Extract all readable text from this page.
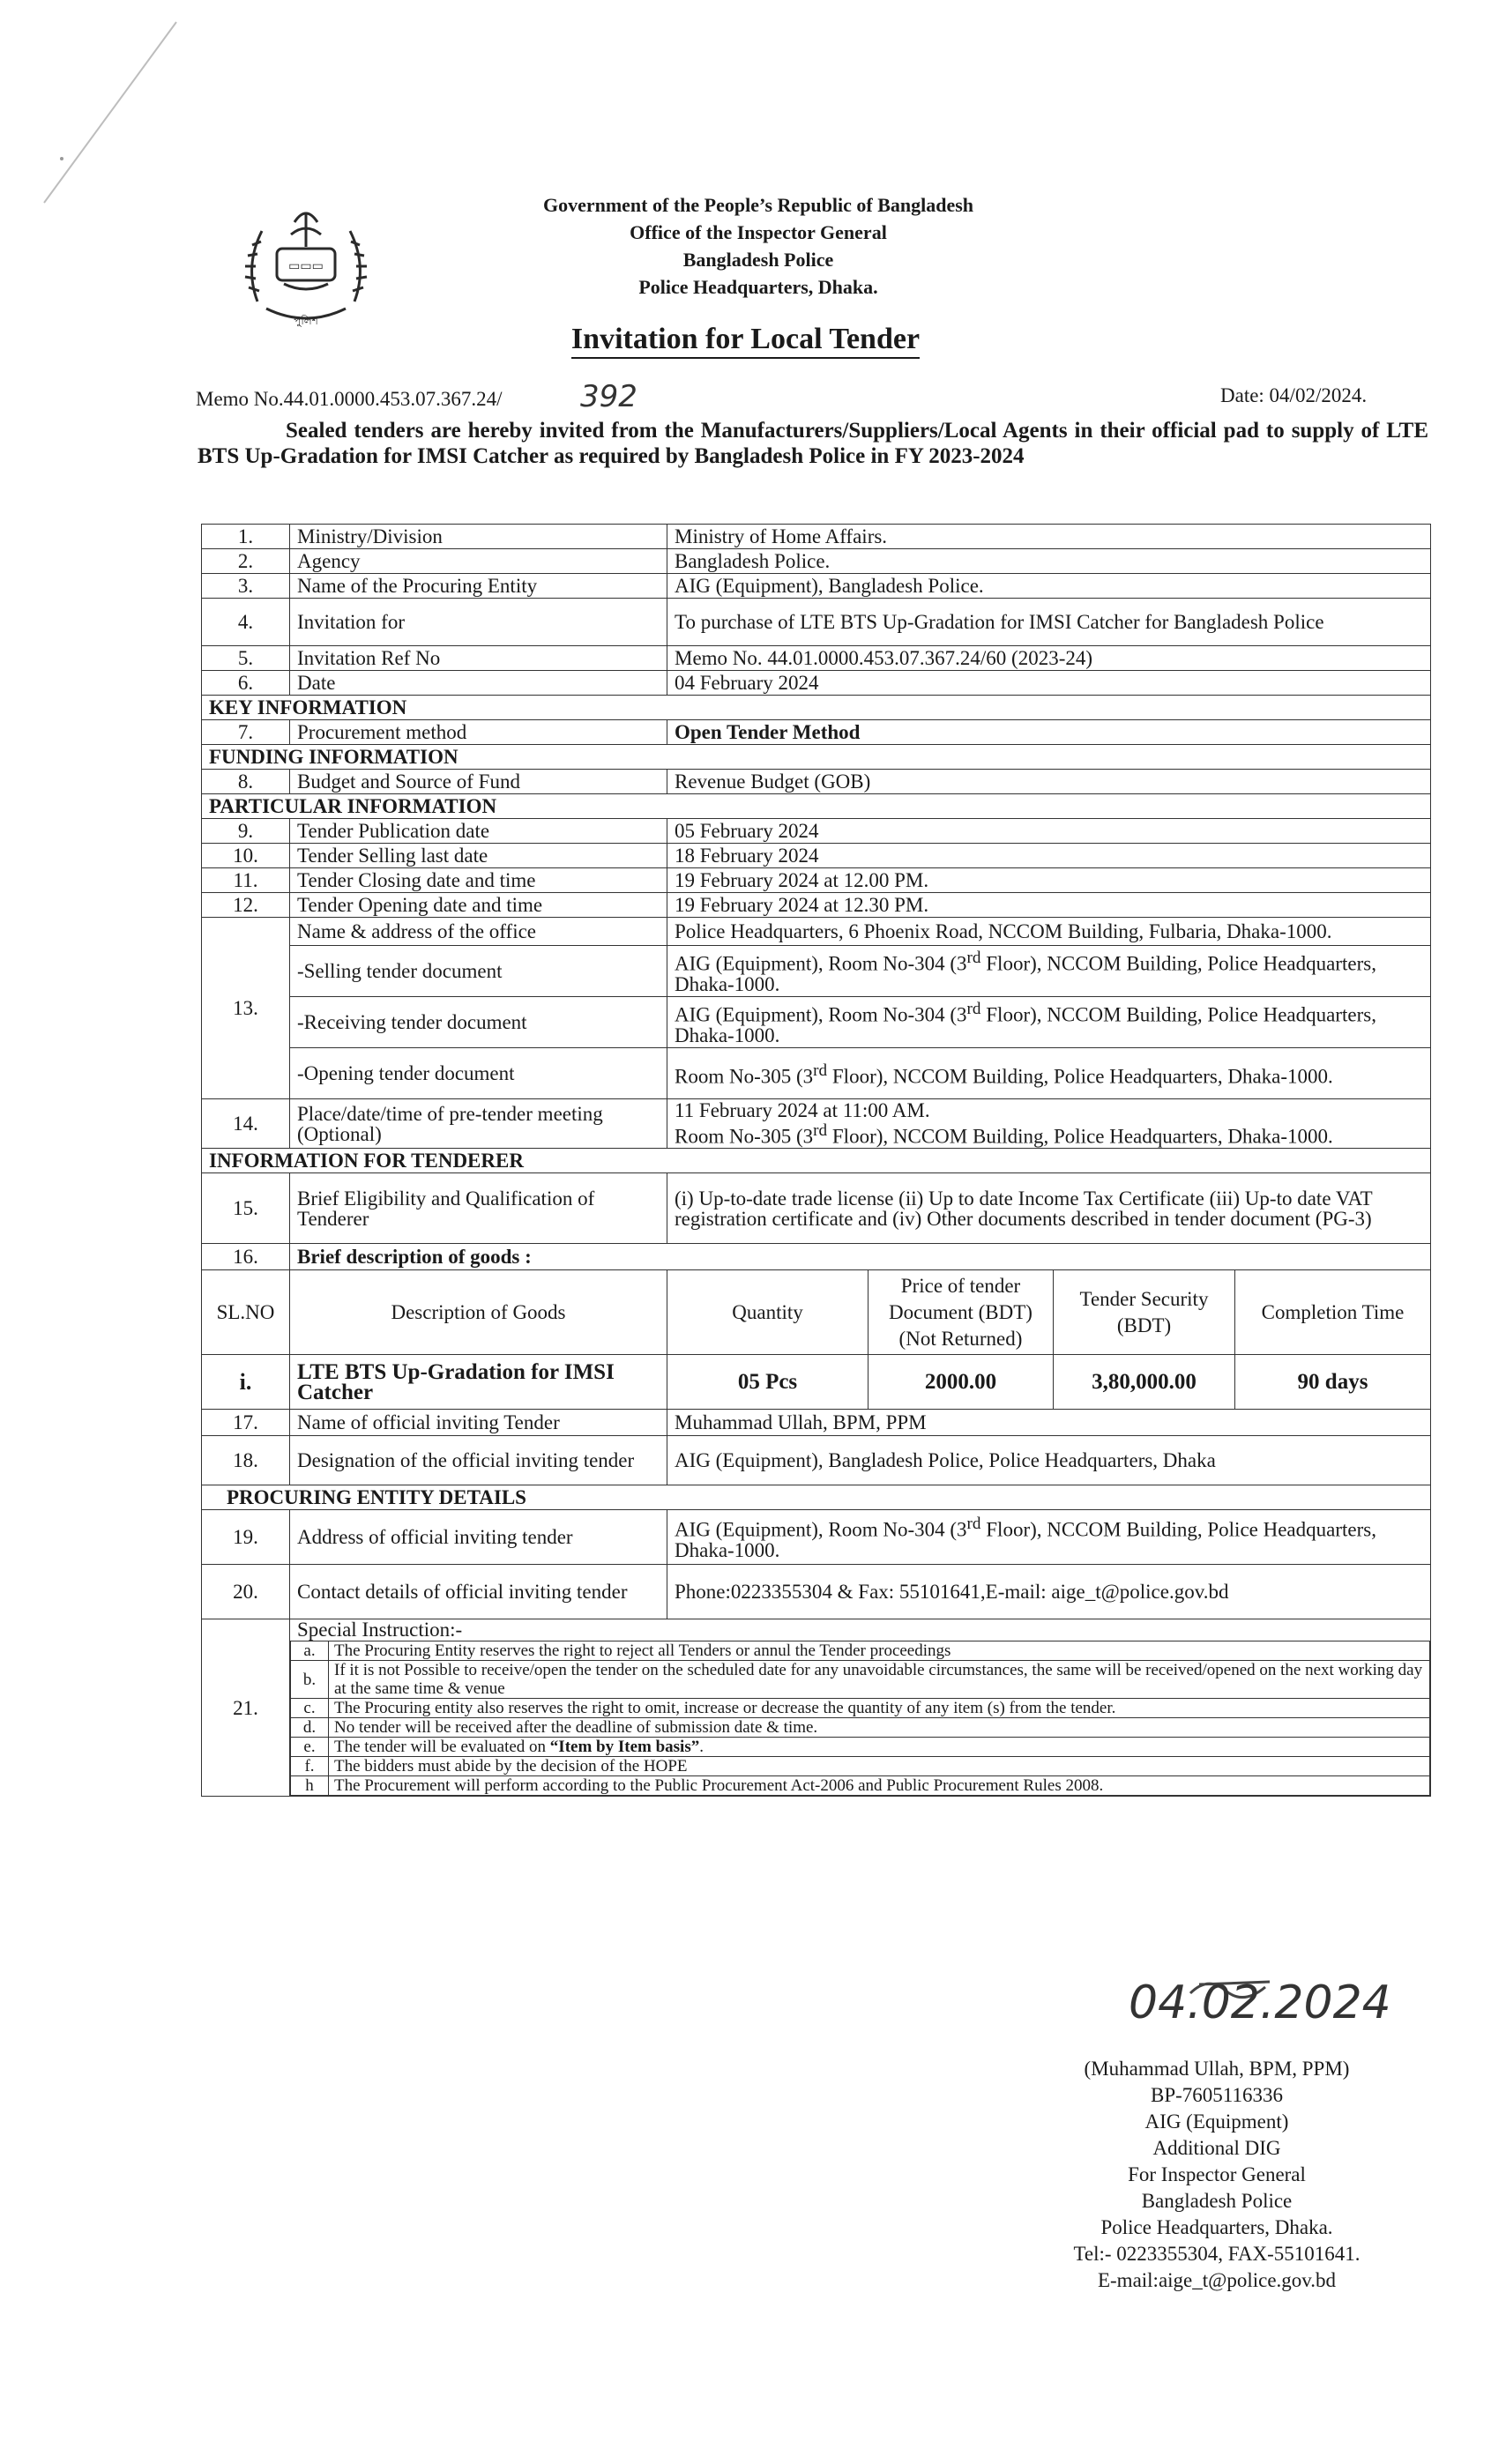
▭▭▭
পুলিশ
Government of the People’s Republic of Bangladesh
Office of the Inspector General
Bangladesh Police
Police Headquarters, Dhaka.
Invitation for Local Tender
Memo No.44.01.0000.453.07.367.24/	392	Date: 04/02/2024.
Sealed tenders are hereby invited from the Manufacturers/Suppliers/Local Agents in their official pad to supply of LTE BTS Up-Gradation for IMSI Catcher as required by Bangladesh Police in FY 2023-2024
1.	Ministry/Division	Ministry of Home Affairs.
2.	Agency	Bangladesh Police.
3.	Name of the Procuring Entity	AIG (Equipment), Bangladesh Police.
4.	Invitation for	To purchase of LTE BTS Up-Gradation for IMSI Catcher for Bangladesh Police
5.	Invitation Ref No	Memo No. 44.01.0000.453.07.367.24/60 (2023-24)
6.	Date	04 February 2024
KEY INFORMATION
7.	Procurement method	Open Tender Method
FUNDING INFORMATION
8.	Budget and Source of Fund	Revenue Budget (GOB)
PARTICULAR INFORMATION
9.	Tender Publication date	05 February 2024
10.	Tender Selling last date	18 February 2024
11.	Tender Closing date and time	19 February 2024 at 12.00 PM.
12.	Tender Opening date and time	19 February 2024 at 12.30 PM.
13.	Name & address of the office	Police Headquarters, 6 Phoenix Road, NCCOM Building, Fulbaria, Dhaka-1000.
-Selling tender document	AIG (Equipment), Room No-304 (3rd Floor), NCCOM Building, Police Headquarters, Dhaka-1000.
-Receiving tender document	AIG (Equipment), Room No-304 (3rd Floor), NCCOM Building, Police Headquarters, Dhaka-1000.
-Opening tender document	Room No-305 (3rd Floor), NCCOM Building, Police Headquarters, Dhaka-1000.
14.	Place/date/time of pre-tender meeting (Optional)	11 February 2024 at 11:00 AM.
Room No-305 (3rd Floor), NCCOM Building, Police Headquarters, Dhaka-1000.
INFORMATION FOR TENDERER
15.	Brief Eligibility and Qualification of Tenderer	(i) Up-to-date trade license (ii) Up to date Income Tax Certificate (iii) Up-to date VAT registration certificate and (iv) Other documents described in tender document (PG-3)
16.	Brief description of goods :
SL.NO	Description of Goods	Quantity	Price of tender Document (BDT) (Not Returned)	Tender Security (BDT)	Completion Time
i.	LTE BTS Up-Gradation for IMSI Catcher	05 Pcs	2000.00	3,80,000.00	90 days
17.	Name of official inviting Tender	Muhammad Ullah, BPM, PPM
18.	Designation of the official inviting tender	AIG (Equipment), Bangladesh Police, Police Headquarters, Dhaka
PROCURING ENTITY DETAILS
19.	Address of official inviting tender	AIG (Equipment), Room No-304 (3rd Floor), NCCOM Building, Police Headquarters, Dhaka-1000.
20.	Contact details of official inviting tender	Phone:0223355304 & Fax: 55101641,E-mail: aige_t@police.gov.bd
21.	
Special Instruction:-
a.	The Procuring Entity reserves the right to reject all Tenders or annul the Tender proceedings
b.	If it is not Possible to receive/open the tender on the scheduled date for any unavoidable circumstances, the same will be received/opened on the next working day at the same time & venue
c.	The Procuring entity also reserves the right to omit, increase or decrease the quantity of any item (s) from the tender.
d.	No tender will be received after the deadline of submission date & time.
e.	The tender will be evaluated on “Item by Item basis”.
f.	The bidders must abide by the decision of the HOPE
h	The Procurement will perform according to the Public Procurement Act-2006 and Public Procurement Rules 2008.
04.02.2024
(Muhammad Ullah, BPM, PPM)
BP-7605116336
AIG (Equipment)
Additional DIG
For Inspector General
Bangladesh Police
Police Headquarters, Dhaka.
Tel:- 0223355304, FAX-55101641.
E-mail:aige_t@police.gov.bd
